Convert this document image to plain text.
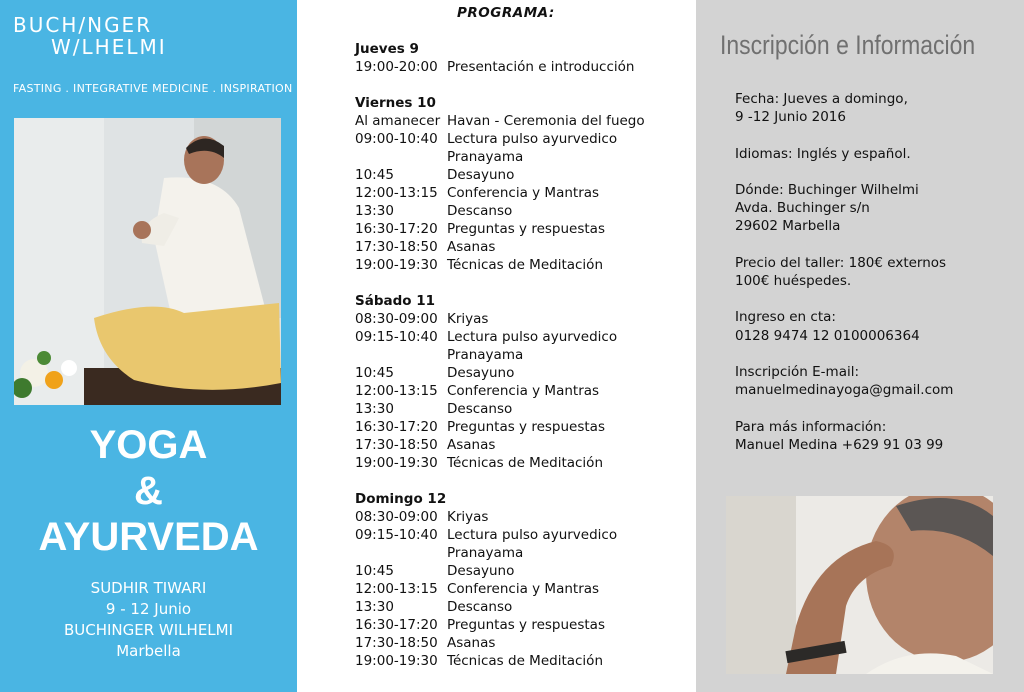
BUCH/NGER
W/LHELMI
FASTING . INTEGRATIVE MEDICINE . INSPIRATION
YOGA
&
AYURVEDA
SUDHIR TIWARI
9 - 12 Junio
BUCHINGER WILHELMI
Marbella
PROGRAMA:
Jueves 9
19:00-20:00 Presentación e introducción
Viernes 10
Al amanecer Havan - Ceremonia del fuego
09:00-10:40 Lectura pulso ayurvedico
Pranayama
10:45	Desayuno
12:00-13:15 Conferencia y Mantras
13:30	Descanso
16:30-17:20 Preguntas y respuestas
17:30-18:50 Asanas
19:00-19:30 Técnicas de Meditación
Sábado 11
08:30-09:00 Kriyas
09:15-10:40 Lectura pulso ayurvedico
Pranayama
10:45	Desayuno
12:00-13:15 Conferencia y Mantras
13:30	Descanso
16:30-17:20 Preguntas y respuestas
17:30-18:50 Asanas
19:00-19:30 Técnicas de Meditación
Domingo 12
08:30-09:00 Kriyas
09:15-10:40 Lectura pulso ayurvedico
Pranayama
10:45	Desayuno
12:00-13:15 Conferencia y Mantras
13:30	Descanso
16:30-17:20 Preguntas y respuestas
17:30-18:50 Asanas
19:00-19:30 Técnicas de Meditación
Inscripción e Información
Fecha: Jueves a domingo,
9 -12 Junio 2016
Idiomas: Inglés y español.
Dónde: Buchinger Wilhelmi
Avda. Buchinger s/n
29602 Marbella
Precio del taller: 180€ externos
100€ huéspedes.
Ingreso en cta:
0128 9474 12 0100006364
Inscripción E-mail:
manuelmedinayoga@gmail.com
Para más información:
Manuel Medina +629 91 03 99
